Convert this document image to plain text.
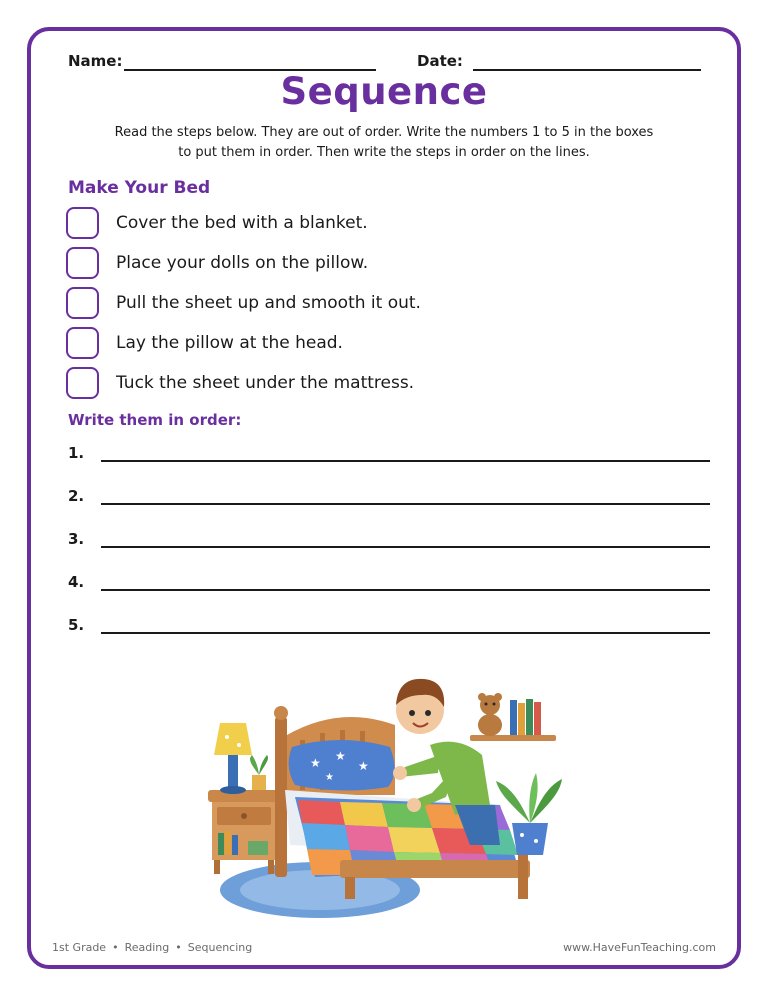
Name:	Date:
Sequence
Read the steps below. They are out of order. Write the numbers 1 to 5 in the boxes
to put them in order. Then write the steps in order on the lines.
Make Your Bed
Cover the bed with a blanket.
Place your dolls on the pillow.
Pull the sheet up and smooth it out.
Lay the pillow at the head.
Tuck the sheet under the mattress.
Write them in order:
1.
2.
3.
4.
5.
★ ★
★
★
1st Grade • Reading • Sequencing	www.HaveFunTeaching.com
